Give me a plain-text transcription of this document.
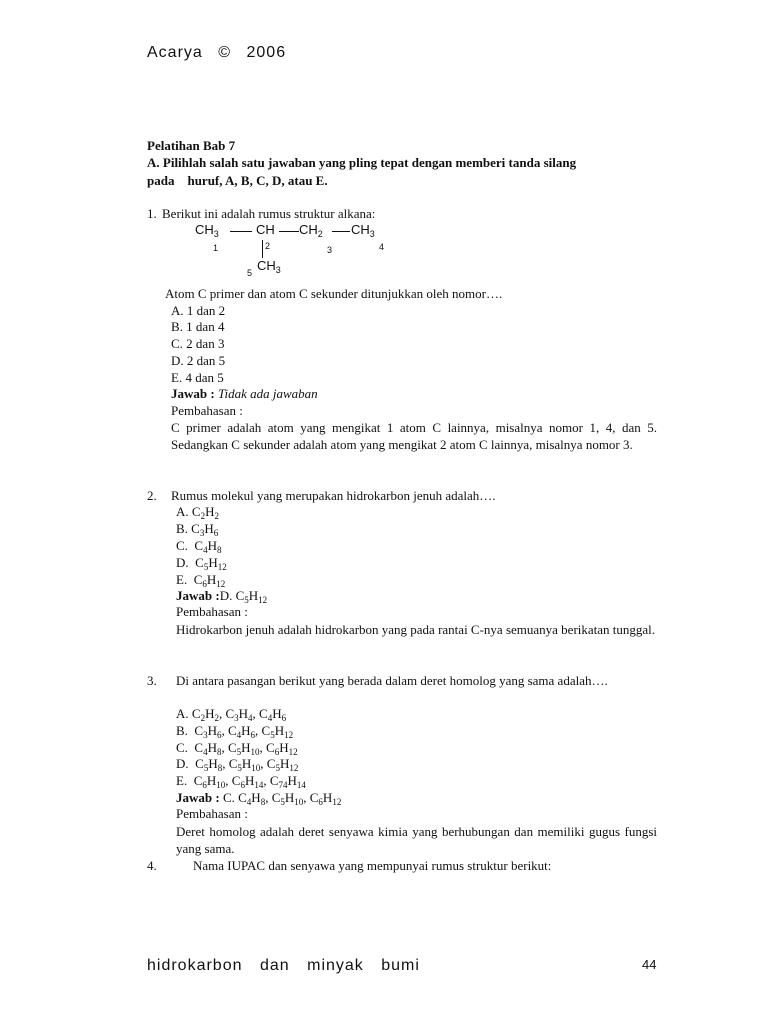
Acarya © 2006
Pelatihan Bab 7
A. Pilihlah salah satu jawaban yang pling tepat dengan memberi tanda silang
pada    huruf, A, B, C, D, atau E.
1. Berikut ini adalah rumus struktur alkana:
$CH_3$	CH $CH_2$ $CH_3$
1	2	3	4
5 $CH_3$
Atom C primer dan atom C sekunder ditunjukkan oleh nomor….
A. 1 dan 2
B. 1 dan 4
C. 2 dan 3
D. 2 dan 5
E. 4 dan 5
Jawab : Tidak ada jawaban
Pembahasan :
C primer adalah atom yang mengikat 1 atom C lainnya, misalnya nomor 1, 4, dan 5. Sedangkan C sekunder adalah atom yang mengikat 2 atom C lainnya, misalnya nomor 3.
2. Rumus molekul yang merupakan hidrokarbon jenuh adalah….
A. $C_2H_2$
B. $C_3H_6$
C.  $C_4H_8$
D.  $C_5H_{12}$
E.  $C_6H_{12}$
Jawab :D. $C_5H_{12}$
Pembahasan :
Hidrokarbon jenuh adalah hidrokarbon yang pada rantai C-nya semuanya berikatan tunggal.
3. Di antara pasangan berikut yang berada dalam deret homolog yang sama adalah….
A. $C_2H_2$, $C_3H_4$, $C_4H_6$
B.  $C_3H_6$, $C_4H_6$, $C_5H_{12}$
C.  $C_4H_8$, $C_5H_{10}$, $C_6H_{12}$
D.  $C_5H_8$, $C_5H_{10}$, $C_5H_{12}$
E.  $C_6H_{10}$, $C_6H_{14}$, $C_{74}H_{14}$
Jawab : C. $C_4H_8$, $C_5H_{10}$, $C_6H_{12}$
Pembahasan :
Deret homolog adalah deret senyawa kimia yang berhubungan dan memiliki gugus fungsi yang sama.
4.	Nama IUPAC dan senyawa yang mempunyai rumus struktur berikut:
hidrokarbon dan minyak bumi	44
